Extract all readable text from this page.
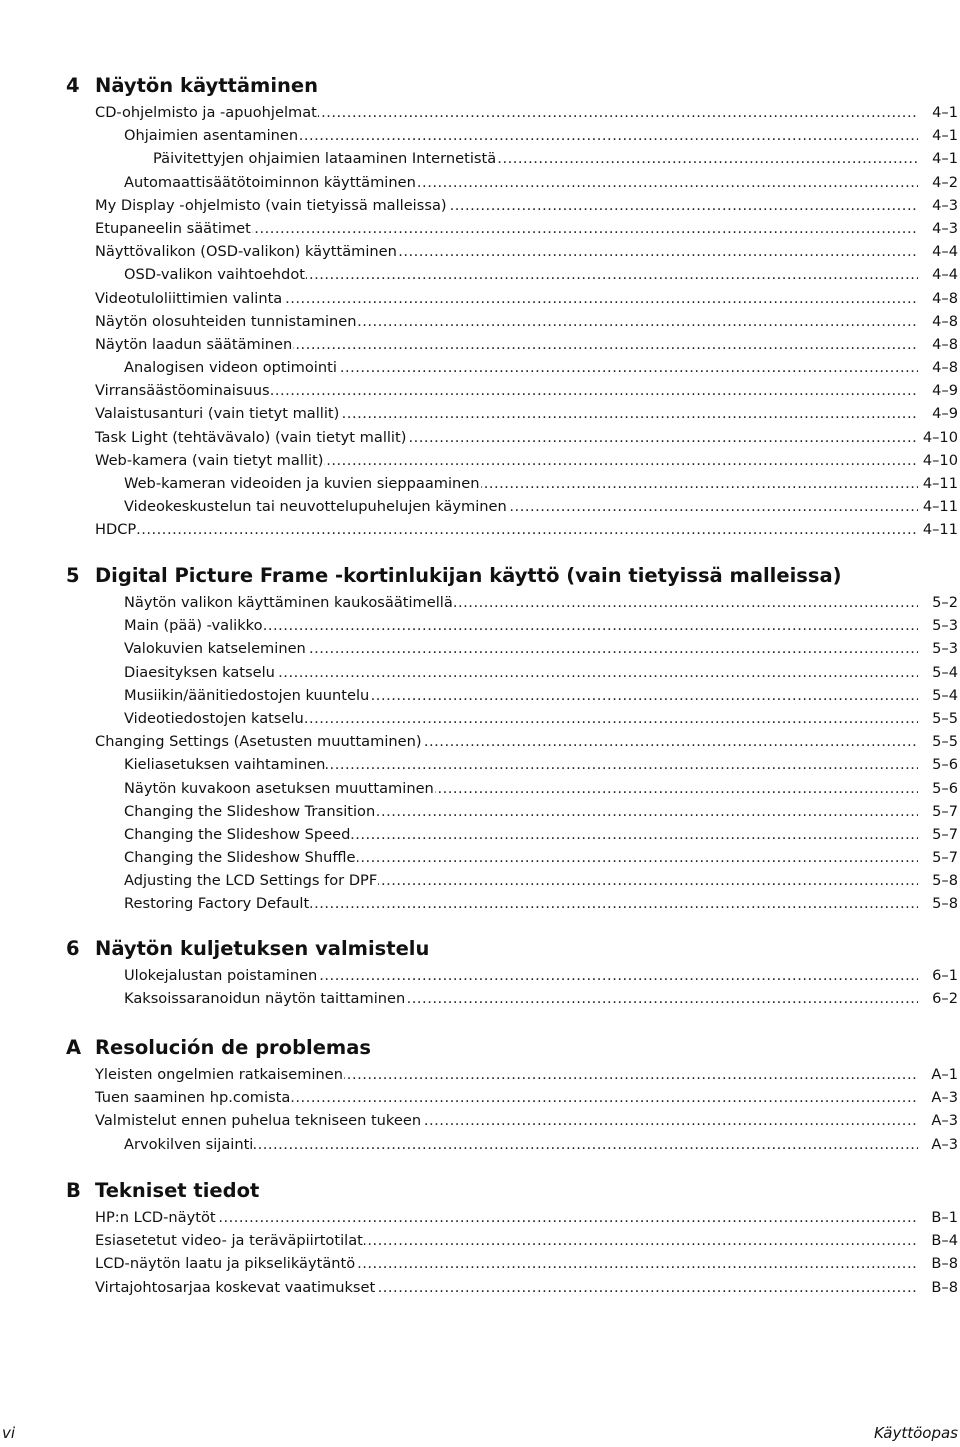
4 Näytön käyttäminen
.....
CD-ohjelmisto ja -apuohjelmat	4–1
.....
Ohjaimien asentaminen	4–1
.....
Päivitettyjen ohjaimien lataaminen Internetistä	4–1
.....
Automaattisäätötoiminnon käyttäminen	4–2
.....
My Display -ohjelmisto (vain tietyissä malleissa)	4–3
.....
Etupaneelin säätimet	4–3
.....
Näyttövalikon (OSD-valikon) käyttäminen	4–4
.....
OSD-valikon vaihtoehdot	4–4
.....
Videotuloliittimien valinta	4–8
.....
Näytön olosuhteiden tunnistaminen	4–8
.....
Näytön laadun säätäminen	4–8
.....
Analogisen videon optimointi	4–8
.....
Virransäästöominaisuus	4–9
.....
Valaistusanturi (vain tietyt mallit)	4–9
.....
Task Light (tehtävävalo) (vain tietyt mallit)	4–10
.....
Web-kamera (vain tietyt mallit)	4–10
.....
Web-kameran videoiden ja kuvien sieppaaminen	4–11
.....
Videokeskustelun tai neuvottelupuhelujen käyminen	4–11
.....
HDCP	4–11
5 Digital Picture Frame -kortinlukijan käyttö (vain tietyissä malleissa)
.....
Näytön valikon käyttäminen kaukosäätimellä	5–2
.....
Main (pää) -valikko	5–3
.....
Valokuvien katseleminen	5–3
.....
Diaesityksen katselu	5–4
.....
Musiikin/äänitiedostojen kuuntelu	5–4
.....
Videotiedostojen katselu	5–5
.....
Changing Settings (Asetusten muuttaminen)	5–5
.....
Kieliasetuksen vaihtaminen	5–6
.....
Näytön kuvakoon asetuksen muuttaminen	5–6
.....
Changing the Slideshow Transition	5–7
.....
Changing the Slideshow Speed	5–7
.....
Changing the Slideshow Shuffle	5–7
.....
Adjusting the LCD Settings for DPF	5–8
.....
Restoring Factory Default	5–8
6 Näytön kuljetuksen valmistelu
.....
Ulokejalustan poistaminen	6–1
.....
Kaksoissaranoidun näytön taittaminen	6–2
A Resolución de problemas
.....
Yleisten ongelmien ratkaiseminen	A–1
.....
Tuen saaminen hp.comista	A–3
.....
Valmistelut ennen puhelua tekniseen tukeen	A–3
.....
Arvokilven sijainti	A–3
B Tekniset tiedot
.....
HP:n LCD-näytöt	B–1
.....
Esiasetetut video- ja teräväpiirtotilat	B–4
.....
LCD-näytön laatu ja pikselikäytäntö	B–8
.....
Virtajohtosarjaa koskevat vaatimukset	B–8
vi	Käyttöopas
